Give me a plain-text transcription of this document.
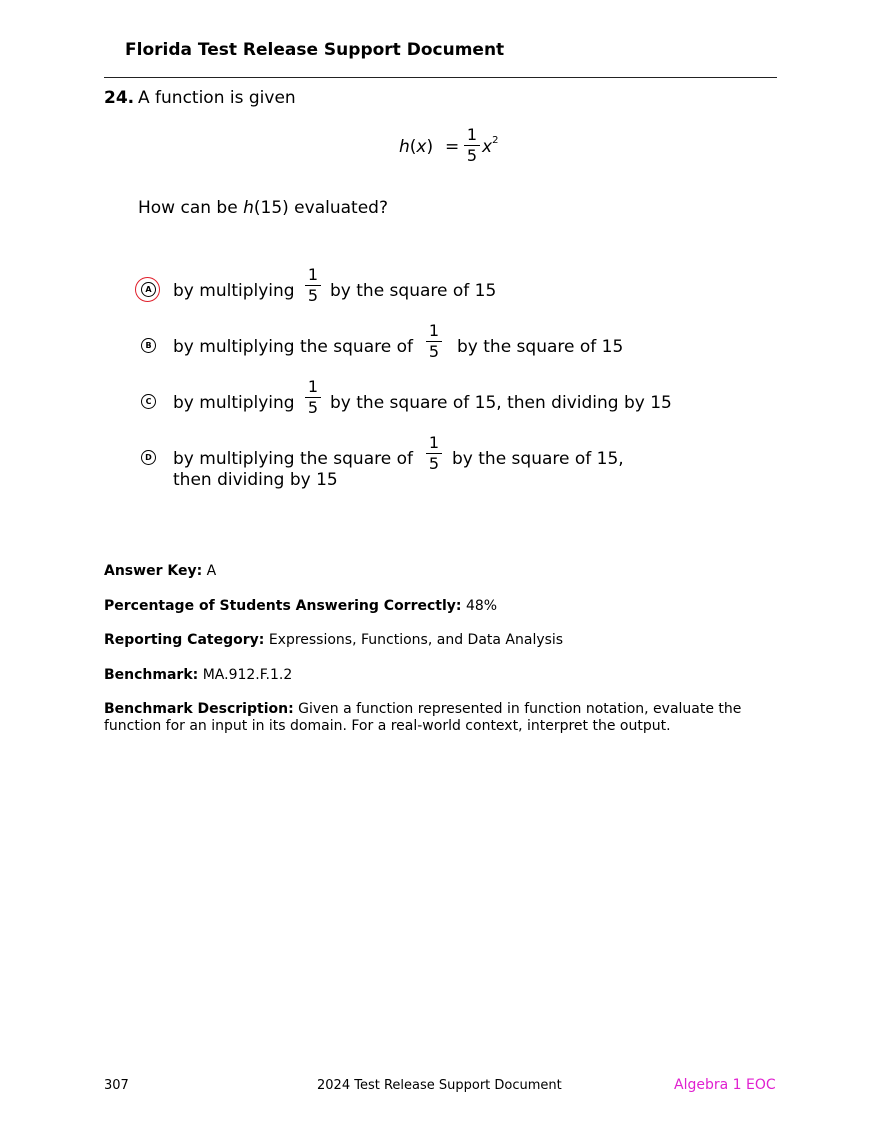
Florida Test Release Support Document
24. A function is given
h(x) =
1
5 $x^2$
How can be h(15) evaluated?
A by multiplying
1
5 by the square of 15
B by multiplying the square of
1
5 by the square of 15
C by multiplying
1
5 by the square of 15, then dividing by 15
D by multiplying the square of
1
5 by the square of 15,
then dividing by 15
Answer Key: A
Percentage of Students Answering Correctly: 48%
Reporting Category: Expressions, Functions, and Data Analysis
Benchmark: MA.912.F.1.2
Benchmark Description: Given a function represented in function notation, evaluate the function for an input in its domain. For a real-world context, interpret the output.
307	2024 Test Release Support Document	Algebra 1 EOC
